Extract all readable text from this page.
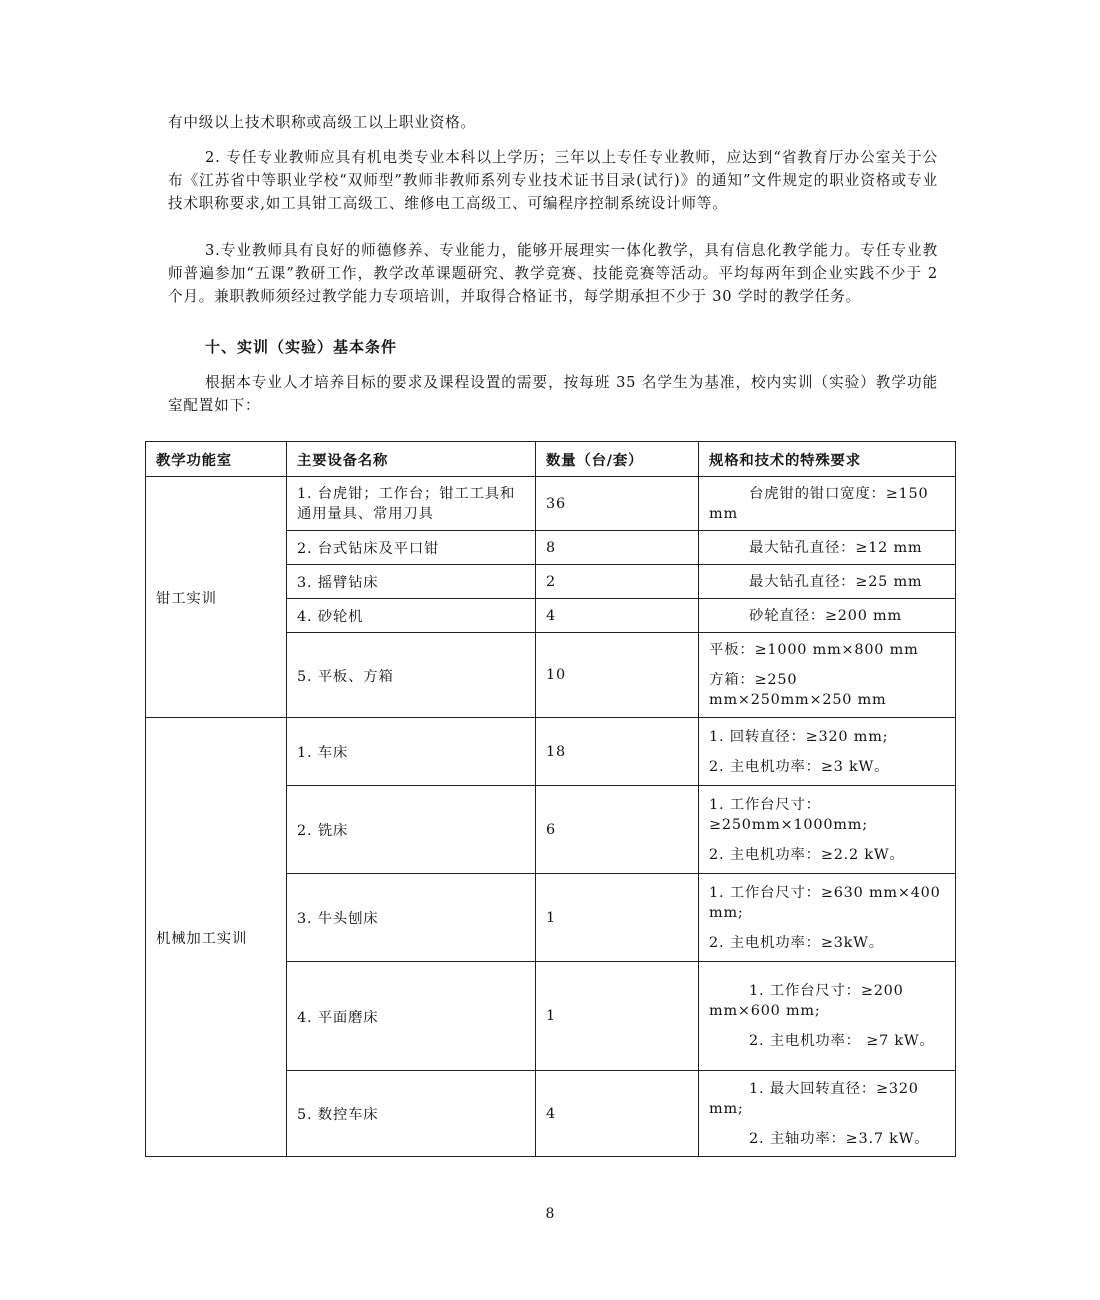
有中级以上技术职称或高级工以上职业资格。

2. 专任专业教师应具有机电类专业本科以上学历；三年以上专任专业教师，应达到“省教育厅办公室关于公布《江苏省中等职业学校“双师型”教师非教师系列专业技术证书目录(试行)》的通知”文件规定的职业资格或专业技术职称要求,如工具钳工高级工、维修电工高级工、可编程序控制系统设计师等。

3.专业教师具有良好的师德修养、专业能力，能够开展理实一体化教学，具有信息化教学能力。专任专业教师普遍参加“五课”教研工作，教学改革课题研究、教学竞赛、技能竞赛等活动。平均每两年到企业实践不少于 2 个月。兼职教师须经过教学能力专项培训，并取得合格证书，每学期承担不少于 30 学时的教学任务。

十、实训（实验）基本条件

根据本专业人才培养目标的要求及课程设置的需要，按每班 35 名学生为基准，校内实训（实验）教学功能室配置如下：

教学功能室	主要设备名称	数量（台/套）	规格和技术的特殊要求
钳工实训	1. 台虎钳；工作台；钳工工具和通用量具、常用刀具	36	台虎钳的钳口宽度：≥150 mm

	2. 台式钻床及平口钳	8	最大钻孔直径：≥12 mm

	3. 摇臂钻床	2	最大钻孔直径：≥25 mm

	4. 砂轮机	4	砂轮直径：≥200 mm

	5. 平板、方箱	10	平板：≥1000 mm×800 mm
方箱：≥250 mm×250mm×250 mm

机械加工实训	1. 车床	18	1. 回转直径：≥320 mm;
2. 主电机功率：≥3 kW。

	2. 铣床	6	1. 工作台尺寸：≥250mm×1000mm;
2. 主电机功率：≥2.2 kW。

	3. 牛头刨床	1	1. 工作台尺寸：≥630 mm×400 mm;
2. 主电机功率：≥3kW。

	4. 平面磨床	1	1. 工作台尺寸：≥200 mm×600 mm;
2. 主电机功率： ≥7 kW。

	5. 数控车床	4	1. 最大回转直径：≥320 mm;
2. 主轴功率：≥3.7 kW。
8
